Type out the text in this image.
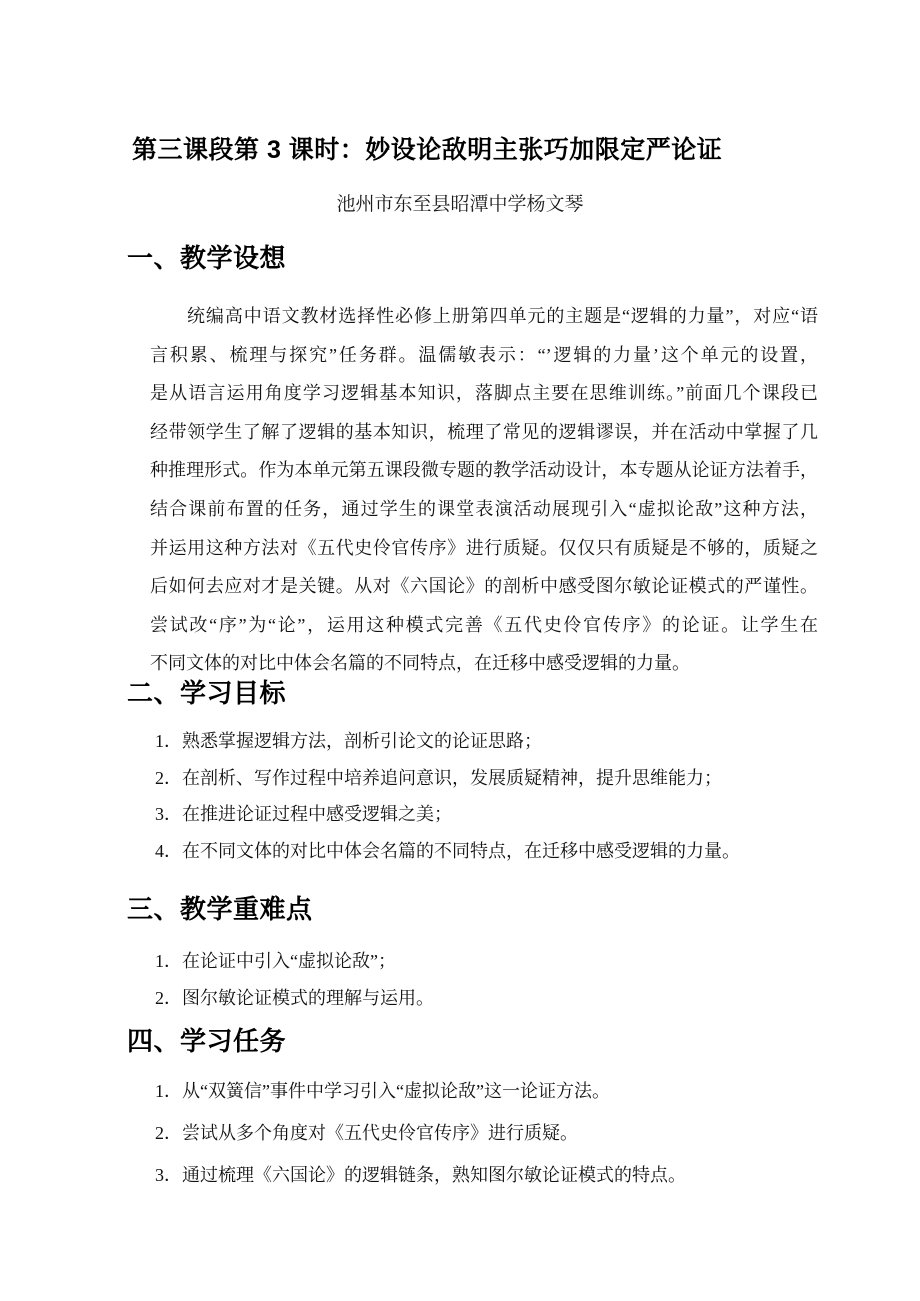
第三课段第 3 课时：妙设论敌明主张巧加限定严论证
池州市东至县昭潭中学杨文琴
一、教学设想
统编高中语文教材选择性必修上册第四单元的主题是“逻辑的力量”，对应“语
言积累、梳理与探究”任务群。温儒敏表示：“’逻辑的力量’这个单元的设置，
是从语言运用角度学习逻辑基本知识，落脚点主要在思维训练。”前面几个课段已
经带领学生了解了逻辑的基本知识，梳理了常见的逻辑谬误，并在活动中掌握了几
种推理形式。作为本单元第五课段微专题的教学活动设计，本专题从论证方法着手，
结合课前布置的任务，通过学生的课堂表演活动展现引入“虚拟论敌”这种方法，
并运用这种方法对《五代史伶官传序》进行质疑。仅仅只有质疑是不够的，质疑之
后如何去应对才是关键。从对《六国论》的剖析中感受图尔敏论证模式的严谨性。
尝试改“序”为“论”，运用这种模式完善《五代史伶官传序》的论证。让学生在
不同文体的对比中体会名篇的不同特点，在迁移中感受逻辑的力量。
二、学习目标
1．熟悉掌握逻辑方法，剖析引论文的论证思路；
2．在剖析、写作过程中培养追问意识，发展质疑精神，提升思维能力；
3．在推进论证过程中感受逻辑之美；
4．在不同文体的对比中体会名篇的不同特点，在迁移中感受逻辑的力量。
三、教学重难点
1．在论证中引入“虚拟论敌”；
2．图尔敏论证模式的理解与运用。
四、学习任务
1．从“双簧信”事件中学习引入“虚拟论敌”这一论证方法。
2．尝试从多个角度对《五代史伶官传序》进行质疑。
3．通过梳理《六国论》的逻辑链条，熟知图尔敏论证模式的特点。
